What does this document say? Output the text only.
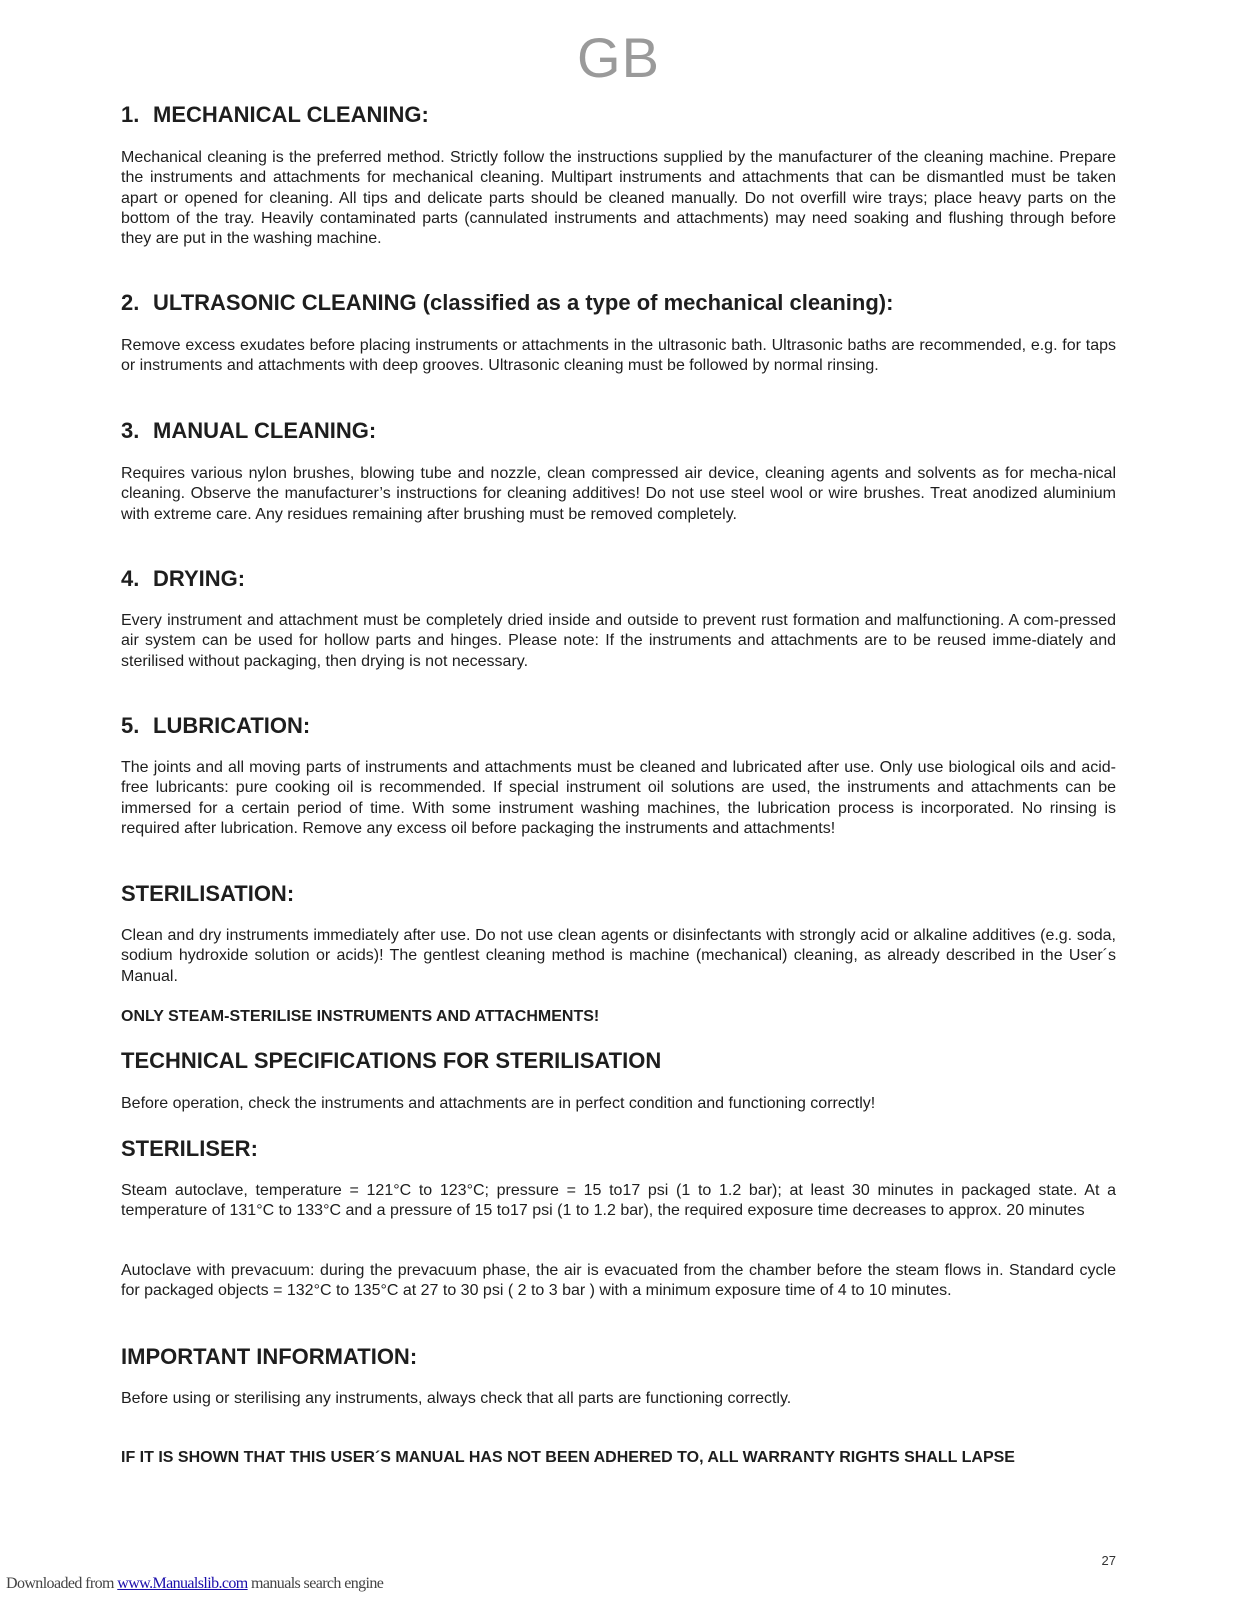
GB
1. MECHANICAL CLEANING:

Mechanical cleaning is the preferred method. Strictly follow the instructions supplied by the manufacturer of the cleaning machine. Prepare the instruments and attachments for mechanical cleaning. Multipart instruments and attachments that can be dismantled must be taken apart or opened for cleaning. All tips and delicate parts should be cleaned manually. Do not overfill wire trays; place heavy parts on the bottom of the tray. Heavily contaminated parts (cannulated instruments and attachments) may need soaking and flushing through before they are put in the washing machine.

2. ULTRASONIC CLEANING (classified as a type of mechanical cleaning):

Remove excess exudates before placing instruments or attachments in the ultrasonic bath. Ultrasonic baths are recommended, e.g. for taps or instruments and attachments with deep grooves. Ultrasonic cleaning must be followed by normal rinsing.

3. MANUAL CLEANING:

Requires various nylon brushes, blowing tube and nozzle, clean compressed air device, cleaning agents and solvents as for mecha-nical cleaning. Observe the manufacturer’s instructions for cleaning additives! Do not use steel wool or wire brushes. Treat anodized aluminium with extreme care. Any residues remaining after brushing must be removed completely.

4. DRYING:

Every instrument and attachment must be completely dried inside and outside to prevent rust formation and malfunctioning. A com-pressed air system can be used for hollow parts and hinges. Please note: If the instruments and attachments are to be reused imme-diately and sterilised without packaging, then drying is not necessary.

5. LUBRICATION:

The joints and all moving parts of instruments and attachments must be cleaned and lubricated after use. Only use biological oils and acid-free lubricants: pure cooking oil is recommended. If special instrument oil solutions are used, the instruments and attachments can be immersed for a certain period of time. With some instrument washing machines, the lubrication process is incorporated. No rinsing is required after lubrication. Remove any excess oil before packaging the instruments and attachments!

STERILISATION:

Clean and dry instruments immediately after use. Do not use clean agents or disinfectants with strongly acid or alkaline additives (e.g. soda, sodium hydroxide solution or acids)! The gentlest cleaning method is machine (mechanical) cleaning, as already described in the User´s Manual.

ONLY STEAM-STERILISE INSTRUMENTS AND ATTACHMENTS!

TECHNICAL SPECIFICATIONS FOR STERILISATION

Before operation, check the instruments and attachments are in perfect condition and functioning correctly!

STERILISER:

Steam autoclave, temperature = 121°C to 123°C; pressure = 15 to17 psi (1 to 1.2 bar); at least 30 minutes in packaged state. At a temperature of 131°C to 133°C and a pressure of 15 to17 psi (1 to 1.2 bar), the required exposure time decreases to approx. 20 minutes

Autoclave with prevacuum: during the prevacuum phase, the air is evacuated from the chamber before the steam flows in. Standard cycle for packaged objects = 132°C to 135°C at 27 to 30 psi ( 2 to 3 bar ) with a minimum exposure time of 4 to 10 minutes.

IMPORTANT INFORMATION:

Before using or sterilising any instruments, always check that all parts are functioning correctly.

IF IT IS SHOWN THAT THIS USER´S MANUAL HAS NOT BEEN ADHERED TO, ALL WARRANTY RIGHTS SHALL LAPSE

27
Downloaded from www.Manualslib.com manuals search engine
